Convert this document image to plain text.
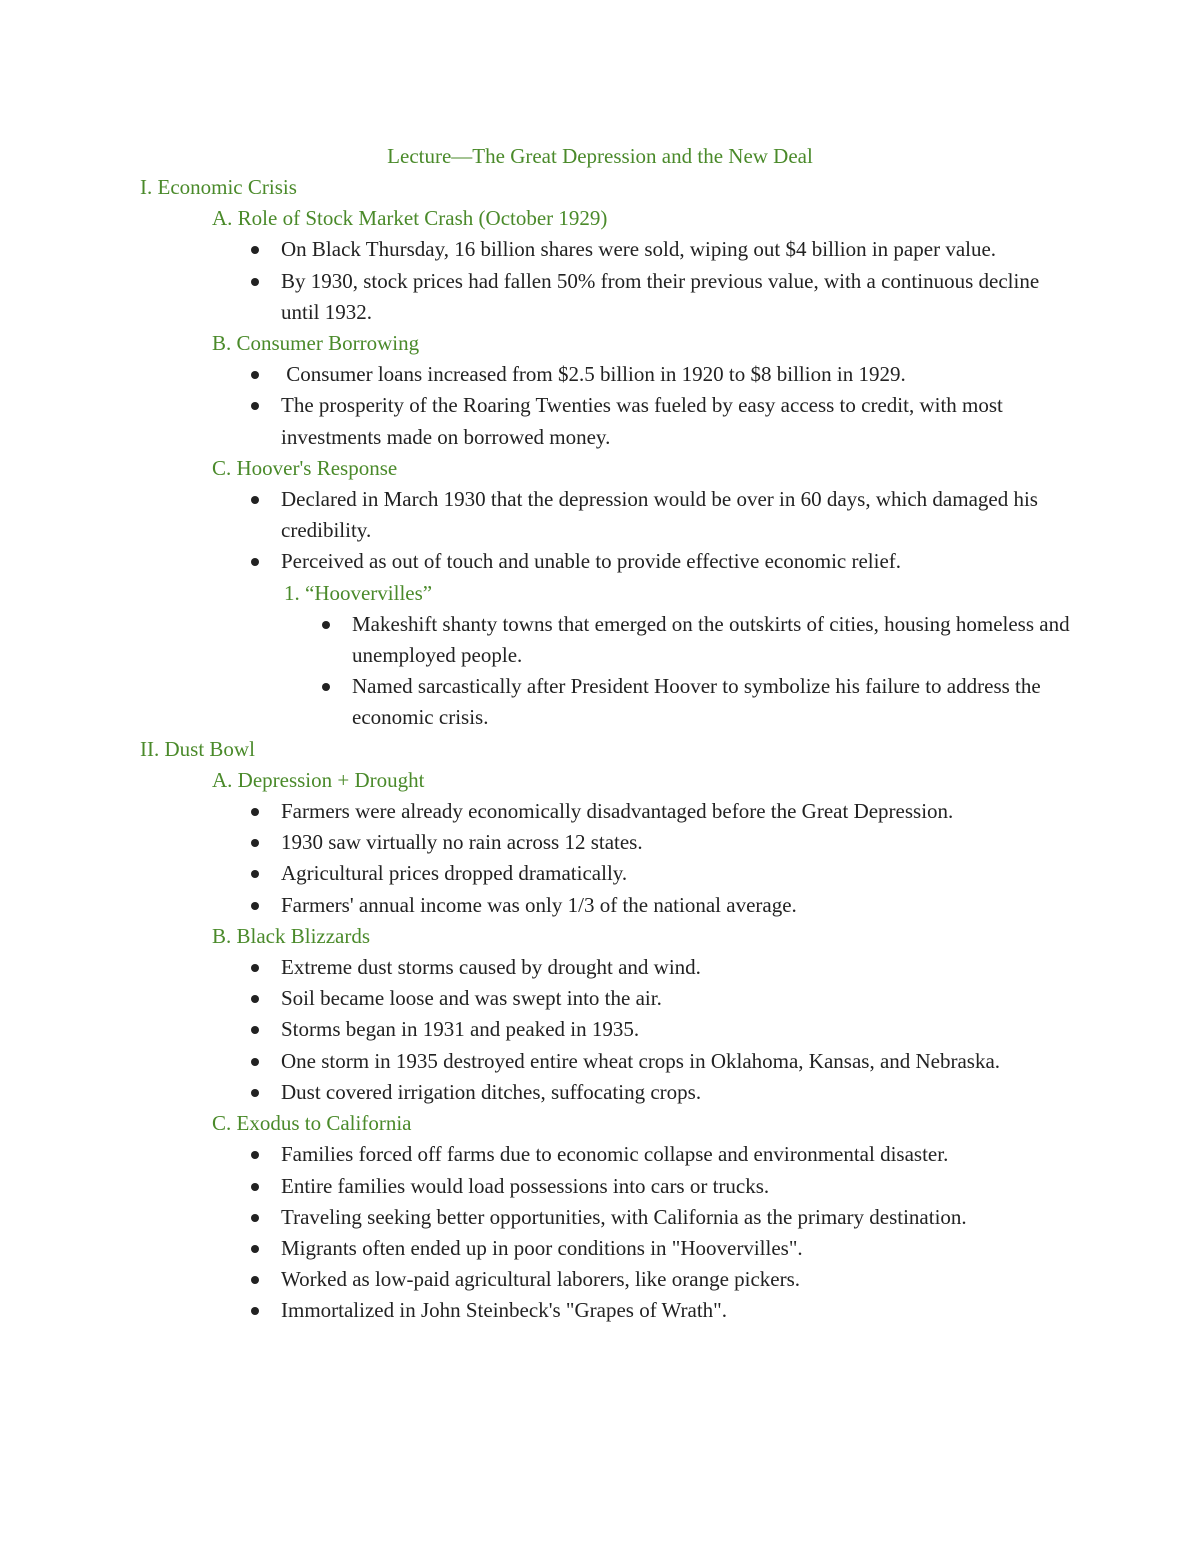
Lecture—The Great Depression and the New Deal
I. Economic Crisis
A. Role of Stock Market Crash (October 1929)
On Black Thursday, 16 billion shares were sold, wiping out $4 billion in paper value.
By 1930, stock prices had fallen 50% from their previous value, with a continuous decline until 1932.
B. Consumer Borrowing
Consumer loans increased from $2.5 billion in 1920 to $8 billion in 1929.
The prosperity of the Roaring Twenties was fueled by easy access to credit, with most investments made on borrowed money.
C. Hoover's Response
Declared in March 1930 that the depression would be over in 60 days, which damaged his credibility.
Perceived as out of touch and unable to provide effective economic relief.
1. “Hoovervilles”
Makeshift shanty towns that emerged on the outskirts of cities, housing homeless and unemployed people.
Named sarcastically after President Hoover to symbolize his failure to address the economic crisis.
II. Dust Bowl
A. Depression + Drought
Farmers were already economically disadvantaged before the Great Depression.
1930 saw virtually no rain across 12 states.
Agricultural prices dropped dramatically.
Farmers' annual income was only 1/3 of the national average.
B. Black Blizzards
Extreme dust storms caused by drought and wind.
Soil became loose and was swept into the air.
Storms began in 1931 and peaked in 1935.
One storm in 1935 destroyed entire wheat crops in Oklahoma, Kansas, and Nebraska.
Dust covered irrigation ditches, suffocating crops.
C. Exodus to California
Families forced off farms due to economic collapse and environmental disaster.
Entire families would load possessions into cars or trucks.
Traveling seeking better opportunities, with California as the primary destination.
Migrants often ended up in poor conditions in "Hoovervilles".
Worked as low-paid agricultural laborers, like orange pickers.
Immortalized in John Steinbeck's "Grapes of Wrath".
